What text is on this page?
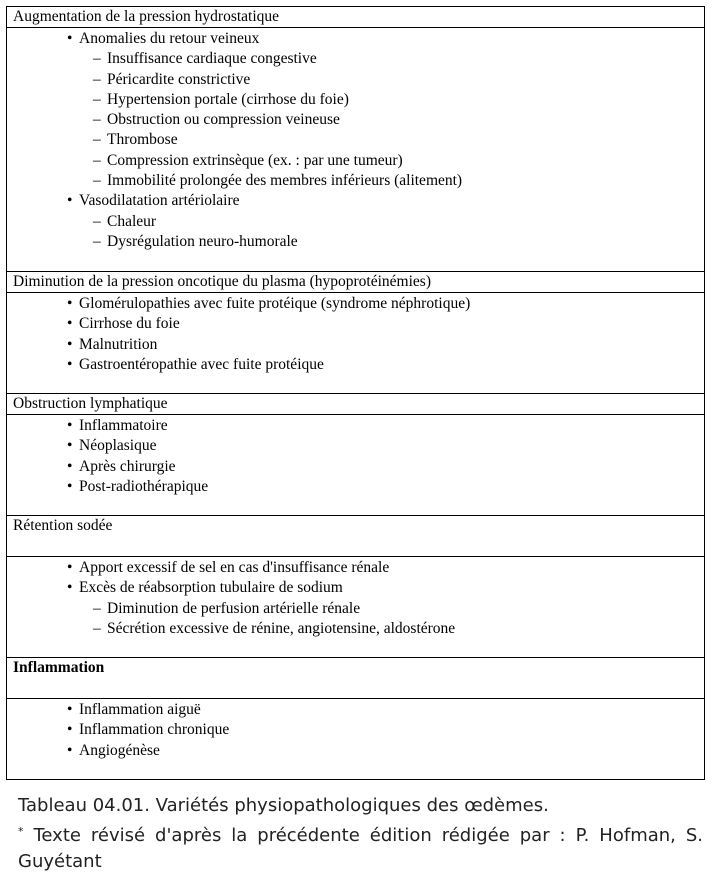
Augmentation de la pression hydrostatique
• Anomalies du retour veineux
– Insuffisance cardiaque congestive
– Péricardite constrictive
– Hypertension portale (cirrhose du foie)
– Obstruction ou compression veineuse
– Thrombose
– Compression extrinsèque (ex. : par une tumeur)
– Immobilité prolongée des membres inférieurs (alitement)
• Vasodilatation artériolaire
– Chaleur
– Dysrégulation neuro-humorale
Diminution de la pression oncotique du plasma (hypoprotéinémies)
• Glomérulopathies avec fuite protéique (syndrome néphrotique)
• Cirrhose du foie
• Malnutrition
• Gastroentéropathie avec fuite protéique
Obstruction lymphatique
• Inflammatoire
• Néoplasique
• Après chirurgie
• Post-radiothérapique
Rétention sodée
• Apport excessif de sel en cas d'insuffisance rénale
• Excès de réabsorption tubulaire de sodium
– Diminution de perfusion artérielle rénale
– Sécrétion excessive de rénine, angiotensine, aldostérone
Inflammation
• Inflammation aiguë
• Inflammation chronique
• Angiogénèse
Tableau 04.01. Variétés physiopathologiques des œdèmes.
* Texte révisé d'après la précédente édition rédigée par : P. Hofman, S. Guyétant
